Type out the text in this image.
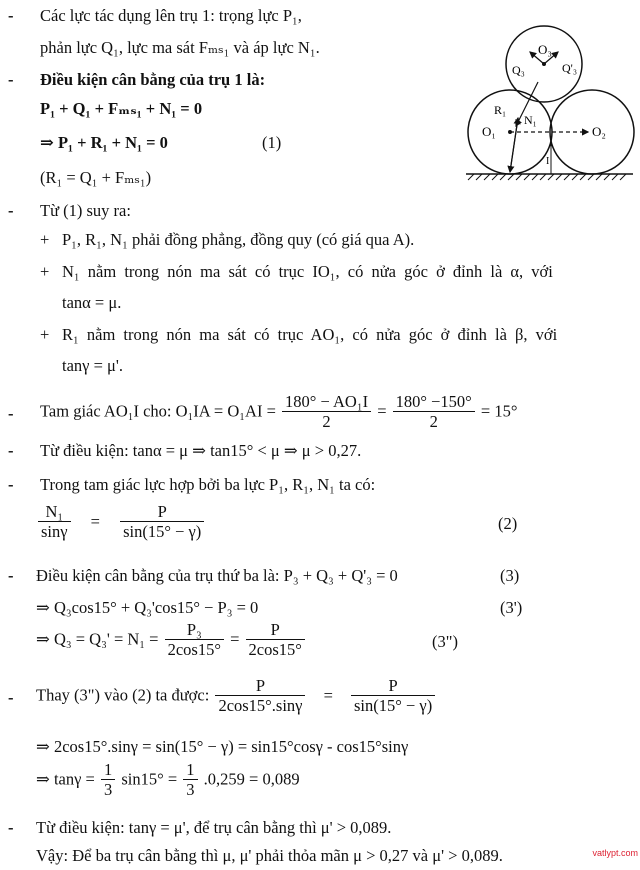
- Các lực tác dụng lên trụ 1: trọng lực P₁,
phản lực Q₁, lực ma sát Fₘₛ₁ và áp lực N₁.
- Điều kiện cân bằng của trụ 1 là:
P₁ + Q₁ + Fₘₛ₁ + N₁ = 0
⇒ P₁ + R₁ + N₁ = 0	(1)
(R₁ = Q₁ + Fₘₛ₁)
- Từ (1) suy ra:
+ P₁, R₁, N₁ phải đồng phẳng, đồng quy (có giá qua A).
+ N₁ nằm trong nón ma sát có trục IO₁, có nửa góc ở đỉnh là α, với
tanα = μ.
+ R₁ nằm trong nón ma sát có trục AO₁, có nửa góc ở đỉnh là β, với
tanγ = μ'.
- Tam giác AO₁I cho: $O_1IA = O_1AI = \frac{\text{180° − AO₁I}}{2} = \frac{180^\circ -150^\circ}{2} = 15^\circ$
- Từ điều kiện: tanα = μ ⇒ tan15° < μ ⇒ μ > 0,27.
- Trong tam giác lực hợp bởi ba lực P₁, R₁, N₁ ta có:
$\frac{\text{N₁}}{\sin\gamma} = \frac{P}{\sin(15^\circ - \gamma)}$	(2)
- Điều kiện cân bằng của trụ thứ ba là: P₃ + Q₃ + Q'₃ = 0	(3)
⇒ Q₃cos15° + Q₃'cos15° − P₃ = 0	(3')
⇒ $Q_3 = Q_3' = N_1 = \frac{\text{P₃}}{2\cos 15^\circ} = \frac{P}{2\cos 15^\circ}$	(3")
- Thay (3") vào (2) ta được: $\frac{P}{2\cos 15^\circ.\sin\gamma} = \frac{P}{\sin(15^\circ - \gamma)}$
⇒ 2cos15°.sinγ = sin(15° − γ) = sin15°cosγ - cos15°sinγ
⇒ $\tan\gamma = \frac{1}{3} \sin 15^\circ = \frac{1}{3} .0,259 = 0,089$
- Từ điều kiện: tanγ = μ', để trụ cân bằng thì μ' > 0,089.
Vậy: Để ba trụ cân bằng thì μ, μ' phải thỏa mãn μ > 0,27 và μ' > 0,089.	vatlypt.com
O₁	O₂
O₃
Q₃	Q'₃
R₁
N₁
I
